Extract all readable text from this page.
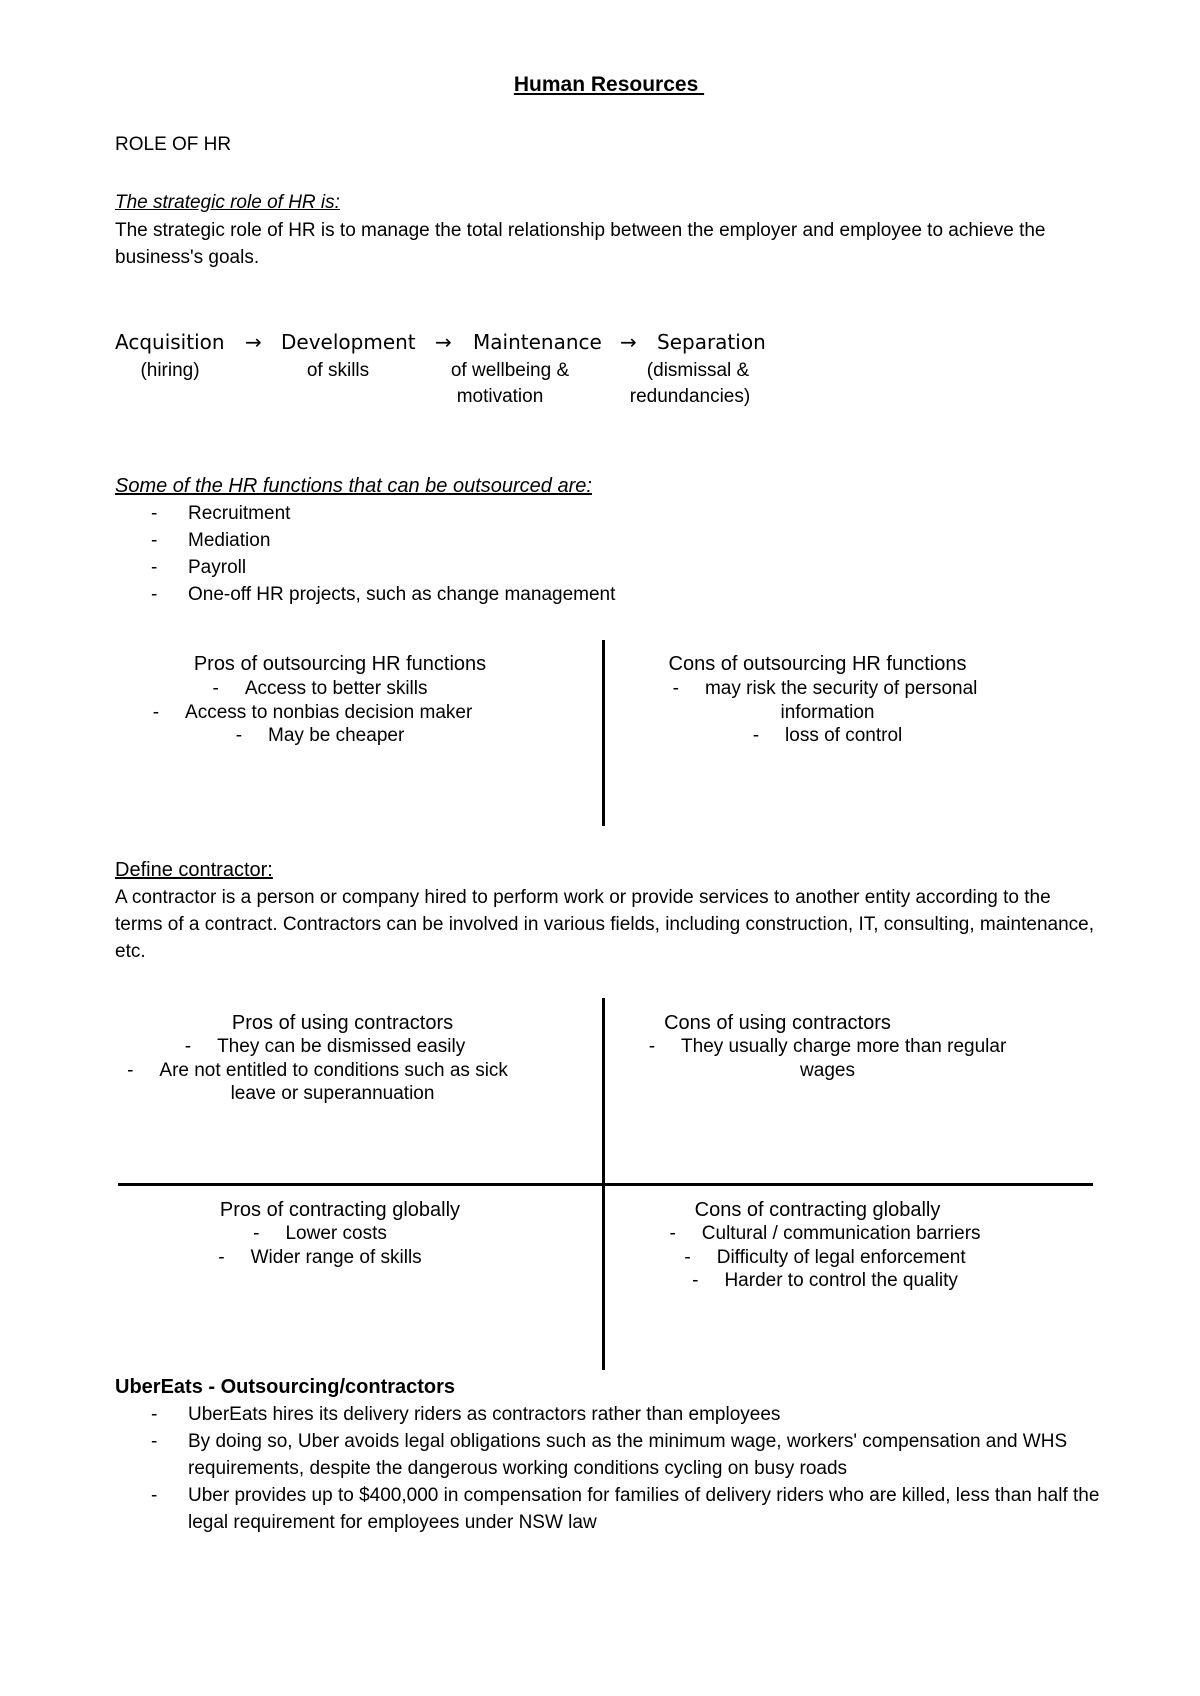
Human Resources
ROLE OF HR
The strategic role of HR is:
The strategic role of HR is to manage the total relationship between the employer and employee to achieve the business's goals.
Acquisition → Development → Maintenance → Separation
(hiring)	of skills	of wellbeing &
motivation
(dismissal &
redundancies)
Some of the HR functions that can be outsourced are:
- Recruitment
- Mediation
- Payroll
- One-off HR projects, such as change management
Pros of outsourcing HR functions
- Access to better skills
- Access to nonbias decision maker
- May be cheaper
Cons of outsourcing HR functions
- may risk the security of personal
information
- loss of control
Define contractor:
A contractor is a person or company hired to perform work or provide services to another entity according to the terms of a contract. Contractors can be involved in various fields, including construction, IT, consulting, maintenance, etc.
Pros of using contractors
- They can be dismissed easily
- Are not entitled to conditions such as sick
leave or superannuation
Cons of using contractors
- They usually charge more than regular
wages
Pros of contracting globally
- Lower costs
- Wider range of skills
Cons of contracting globally
- Cultural / communication barriers
- Difficulty of legal enforcement
- Harder to control the quality
UberEats - Outsourcing/contractors
- UberEats hires its delivery riders as contractors rather than employees
- By doing so, Uber avoids legal obligations such as the minimum wage, workers' compensation and WHS requirements, despite the dangerous working conditions cycling on busy roads
- Uber provides up to $400,000 in compensation for families of delivery riders who are killed, less than half the legal requirement for employees under NSW law
